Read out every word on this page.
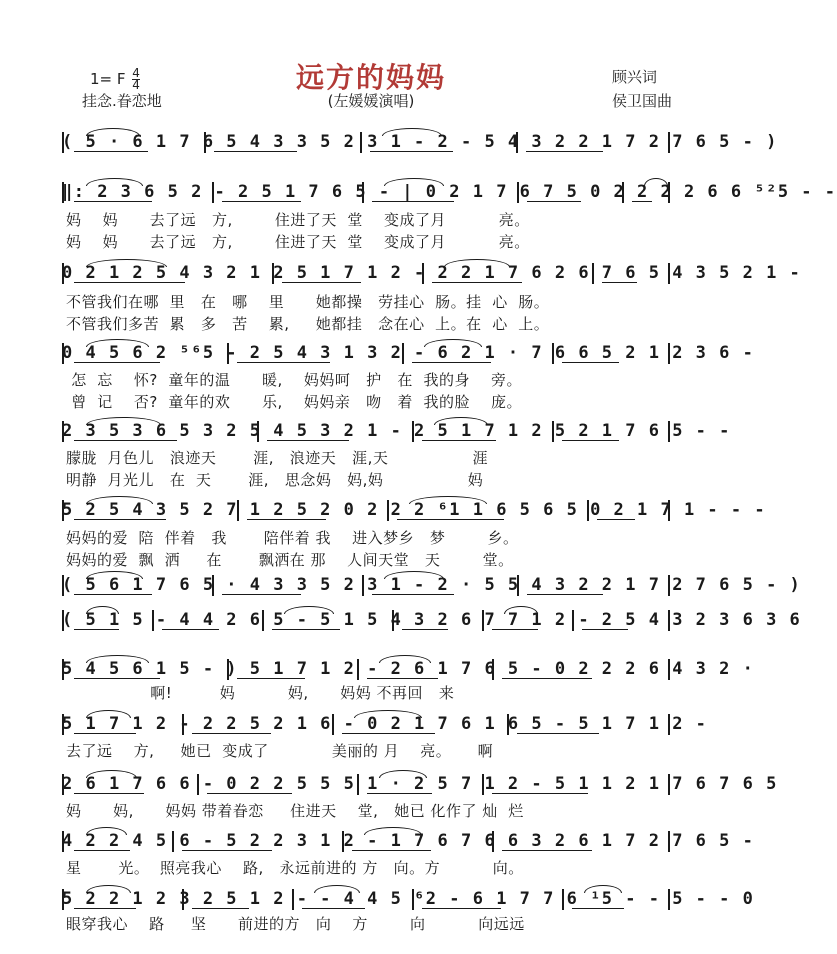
远方的妈妈
1= F $\frac{4}{4}$	顾兴词
侯卫国曲
挂念.眷恋地	(左媛媛演唱)
( 5 · 6 1 7 6 5 4 3 3 5 2 3 1 - 2 - 5 4 3 2 2 1 7 2 7 6 5 - )
‖: 2 3 6 5 2 - 2 5 1 7 6 5 - | 0 2 1 7 6 7 5 0 2 2 2 2 6 6 ⁵²5 - -
0 2 1 2 5 4 3 2 1 2 5 1 7 1 2 - 2 2 1 7 6 2 6 7 6 5 4 3 5 2 1 -
0 4 5 6 2 ⁵⁶5 - 2 5 4 3 1 3 2 - 6 2 1 · 7 6 6 5 2 1 2 3 6 -
2 3 5 3 6 5 3 2 5 4 5 3 2 1 - 2 5 1 7 1 2 5 2 1 7 6 5 - -
5 2 5 4 3 5 2 7 1 2 5 2 0 2 2 2 ⁶1 1 6 5 6 5 0 2 1 7 1 - - -
( 5 6 1 7 6 5 · 4 3 3 5 2 3 1 - 2 · 5 5 4 3 2 2 1 7 2 7 6 5 - )
( 5 1 5 - 4 4 2 6 5 - 5 1 5 4 3 2 6 7 7 1 2 - 2 5 4 3 2 3 6 3 6
5 4 5 6 1 5 - ) 5 1 7 1 2 - 2 6 1 7 6 5 - 0 2 2 2 6 4 3 2 ·
5 1 7 1 2 - 2 2 5 2 1 6 - 0 2 1 7 6 1 6 5 - 5 1 7 1 2 -
2 6 1 7 6 6 - 0 2 2 5 5 5 1 · 2 5 7 1 2 - 5 1 1 2 1 7 6 7 6 5
4 2 2 4 5 6 - 5 2 2 3 1 2 - 1 7 6 7 6 6 3 2 6 1 7 2 7 6 5 -
5 2 2 1 2 3 2 5 1 2 - - 4 4 5 ⁶2 - 6 1 7 7 6 ¹5 - - 5 - - 0
妈    妈      去了远   方,        住进了天  堂    变成了月          亮。
妈    妈      去了远   方,        住进了天  堂    变成了月          亮。
不管我们在哪  里   在   哪    里      她都操   劳挂心  肠。挂  心  肠。
不管我们多苦  累   多   苦    累,     她都挂   念在心  上。在  心  上。
怎  忘    怀?  童年的温      暖,    妈妈呵   护   在  我的身    旁。
曾  记    否?  童年的欢      乐,    妈妈亲   吻   着  我的脸    庞。
朦胧  月色儿   浪迹天       涯,   浪迹天   涯,天                涯
明静  月光儿   在  天       涯,   思念妈   妈,妈                妈
妈妈的爱  陪  伴着   我       陪伴着 我    进入梦乡   梦        乡。
妈妈的爱  飘  洒     在       飘洒在 那    人间天堂   天        堂。
啊!         妈          妈,      妈妈 不再回   来
去了远    方,     她已  变成了            美丽的 月    亮。     啊
妈      妈,      妈妈 带着眷恋     住进天    堂,   她已 化作了 灿  烂
星       光。  照亮我心    路,   永远前进的 方   向。方          向。
眼穿我心    路     坚      前进的方   向    方        向          向远远
